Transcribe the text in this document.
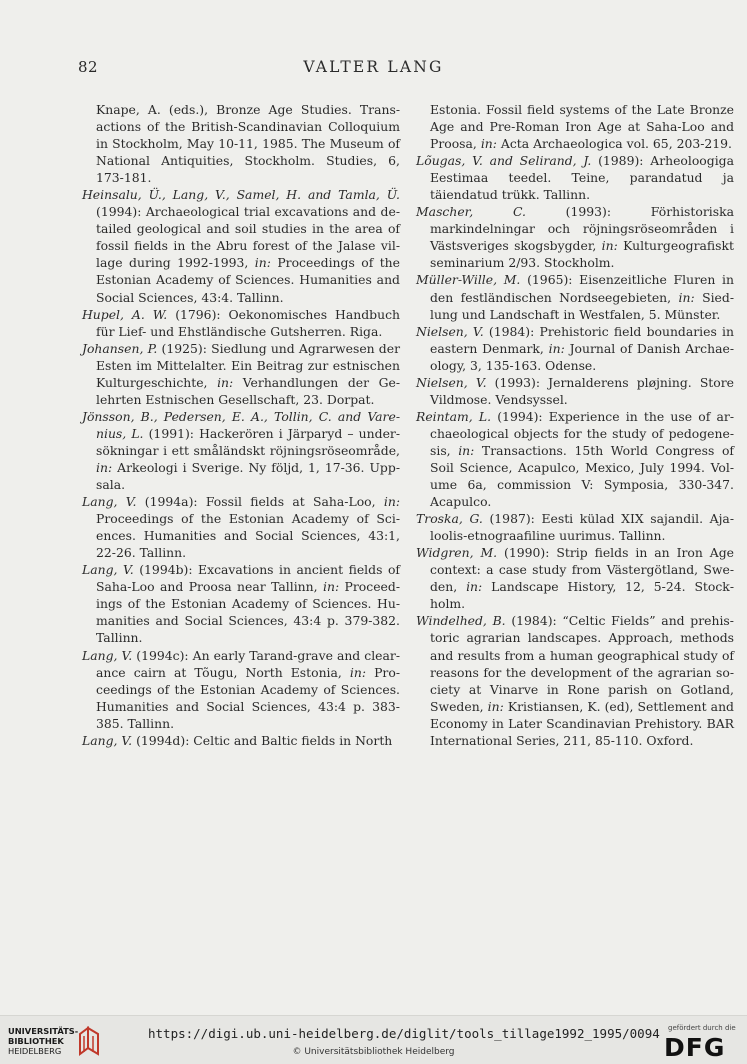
82	VALTER LANG

Knape, A. (eds.), Bronze Age Studies. Transactions of the British-Scandinavian Colloquium in Stockholm, May 10-11, 1985. The Museum of National Antiquities, Stockholm. Studies, 6, 173-181.

Heinsalu, Ü., Lang, V., Samel, H. and Tamla, Ü. (1994): Archaeological trial excavations and detailed geological and soil studies in the area of fossil fields in the Abru forest of the Jalase village during 1992-1993, in: Proceedings of the Estonian Academy of Sciences. Humanities and Social Sciences, 43:4. Tallinn.

Hupel, A. W. (1796): Oekonomisches Handbuch für Lief- und Ehstländische Gutsherren. Riga.

Johansen, P. (1925): Siedlung und Agrarwesen der Esten im Mittelalter. Ein Beitrag zur estnischen Kulturgeschichte, in: Verhandlungen der Gelehrten Estnischen Gesellschaft, 23. Dorpat.

Jönsson, B., Pedersen, E. A., Tollin, C. and Varenius, L. (1991): Hackerören i Järparyd – undersökningar i ett småländskt röjningsröseområde, in: Arkeologi i Sverige. Ny följd, 1, 17-36. Uppsala.

Lang, V. (1994a): Fossil fields at Saha-Loo, in: Proceedings of the Estonian Academy of Sciences. Humanities and Social Sciences, 43:1, 22-26. Tallinn.

Lang, V. (1994b): Excavations in ancient fields of Saha-Loo and Proosa near Tallinn, in: Proceedings of the Estonian Academy of Sciences. Humanities and Social Sciences, 43:4 p. 379-382. Tallinn.

Lang, V. (1994c): An early Tarand-grave and clearance cairn at Tõugu, North Estonia, in: Proceedings of the Estonian Academy of Sciences. Humanities and Social Sciences, 43:4 p. 383-385. Tallinn.

Lang, V. (1994d): Celtic and Baltic fields in North

Estonia. Fossil field systems of the Late Bronze Age and Pre-Roman Iron Age at Saha-Loo and Proosa, in: Acta Archaeologica vol. 65, 203-219.

Lõugas, V. and Selirand, J. (1989): Arheoloogiga Eestimaa teedel. Teine, parandatud ja täiendatud trükk. Tallinn.

Mascher, C. (1993): Förhistoriska markindelningar och röjningsröseområden i Västsveriges skogsbygder, in: Kulturgeografiskt seminarium 2/93. Stockholm.

Müller-Wille, M. (1965): Eisenzeitliche Fluren in den festländischen Nordseegebieten, in: Siedlung und Landschaft in Westfalen, 5. Münster.

Nielsen, V. (1984): Prehistoric field boundaries in eastern Denmark, in: Journal of Danish Archaeology, 3, 135-163. Odense.

Nielsen, V. (1993): Jernalderens pløjning. Store Vildmose. Vendsyssel.

Reintam, L. (1994): Experience in the use of archaeological objects for the study of pedogenesis, in: Transactions. 15th World Congress of Soil Science, Acapulco, Mexico, July 1994. Volume 6a, commission V: Symposia, 330-347. Acapulco.

Troska, G. (1987): Eesti külad XIX sajandil. Ajaloolis-etnograafiline uurimus. Tallinn.

Widgren, M. (1990): Strip fields in an Iron Age context: a case study from Västergötland, Sweden, in: Landscape History, 12, 5-24. Stockholm.

Windelhed, B. (1984): “Celtic Fields” and prehistoric agrarian landscapes. Approach, methods and results from a human geographical study of reasons for the development of the agrarian society at Vinarve in Rone parish on Gotland, Sweden, in: Kristiansen, K. (ed), Settlement and Economy in Later Scandinavian Prehistory. BAR International Series, 211, 85-110. Oxford.

UNIVERSITÄTS-
BIBLIOTHEK
HEIDELBERG
https://digi.ub.uni-heidelberg.de/diglit/tools_tillage1992_1995/0094
© Universitätsbibliothek Heidelberg
gefördert durch die
DFG
